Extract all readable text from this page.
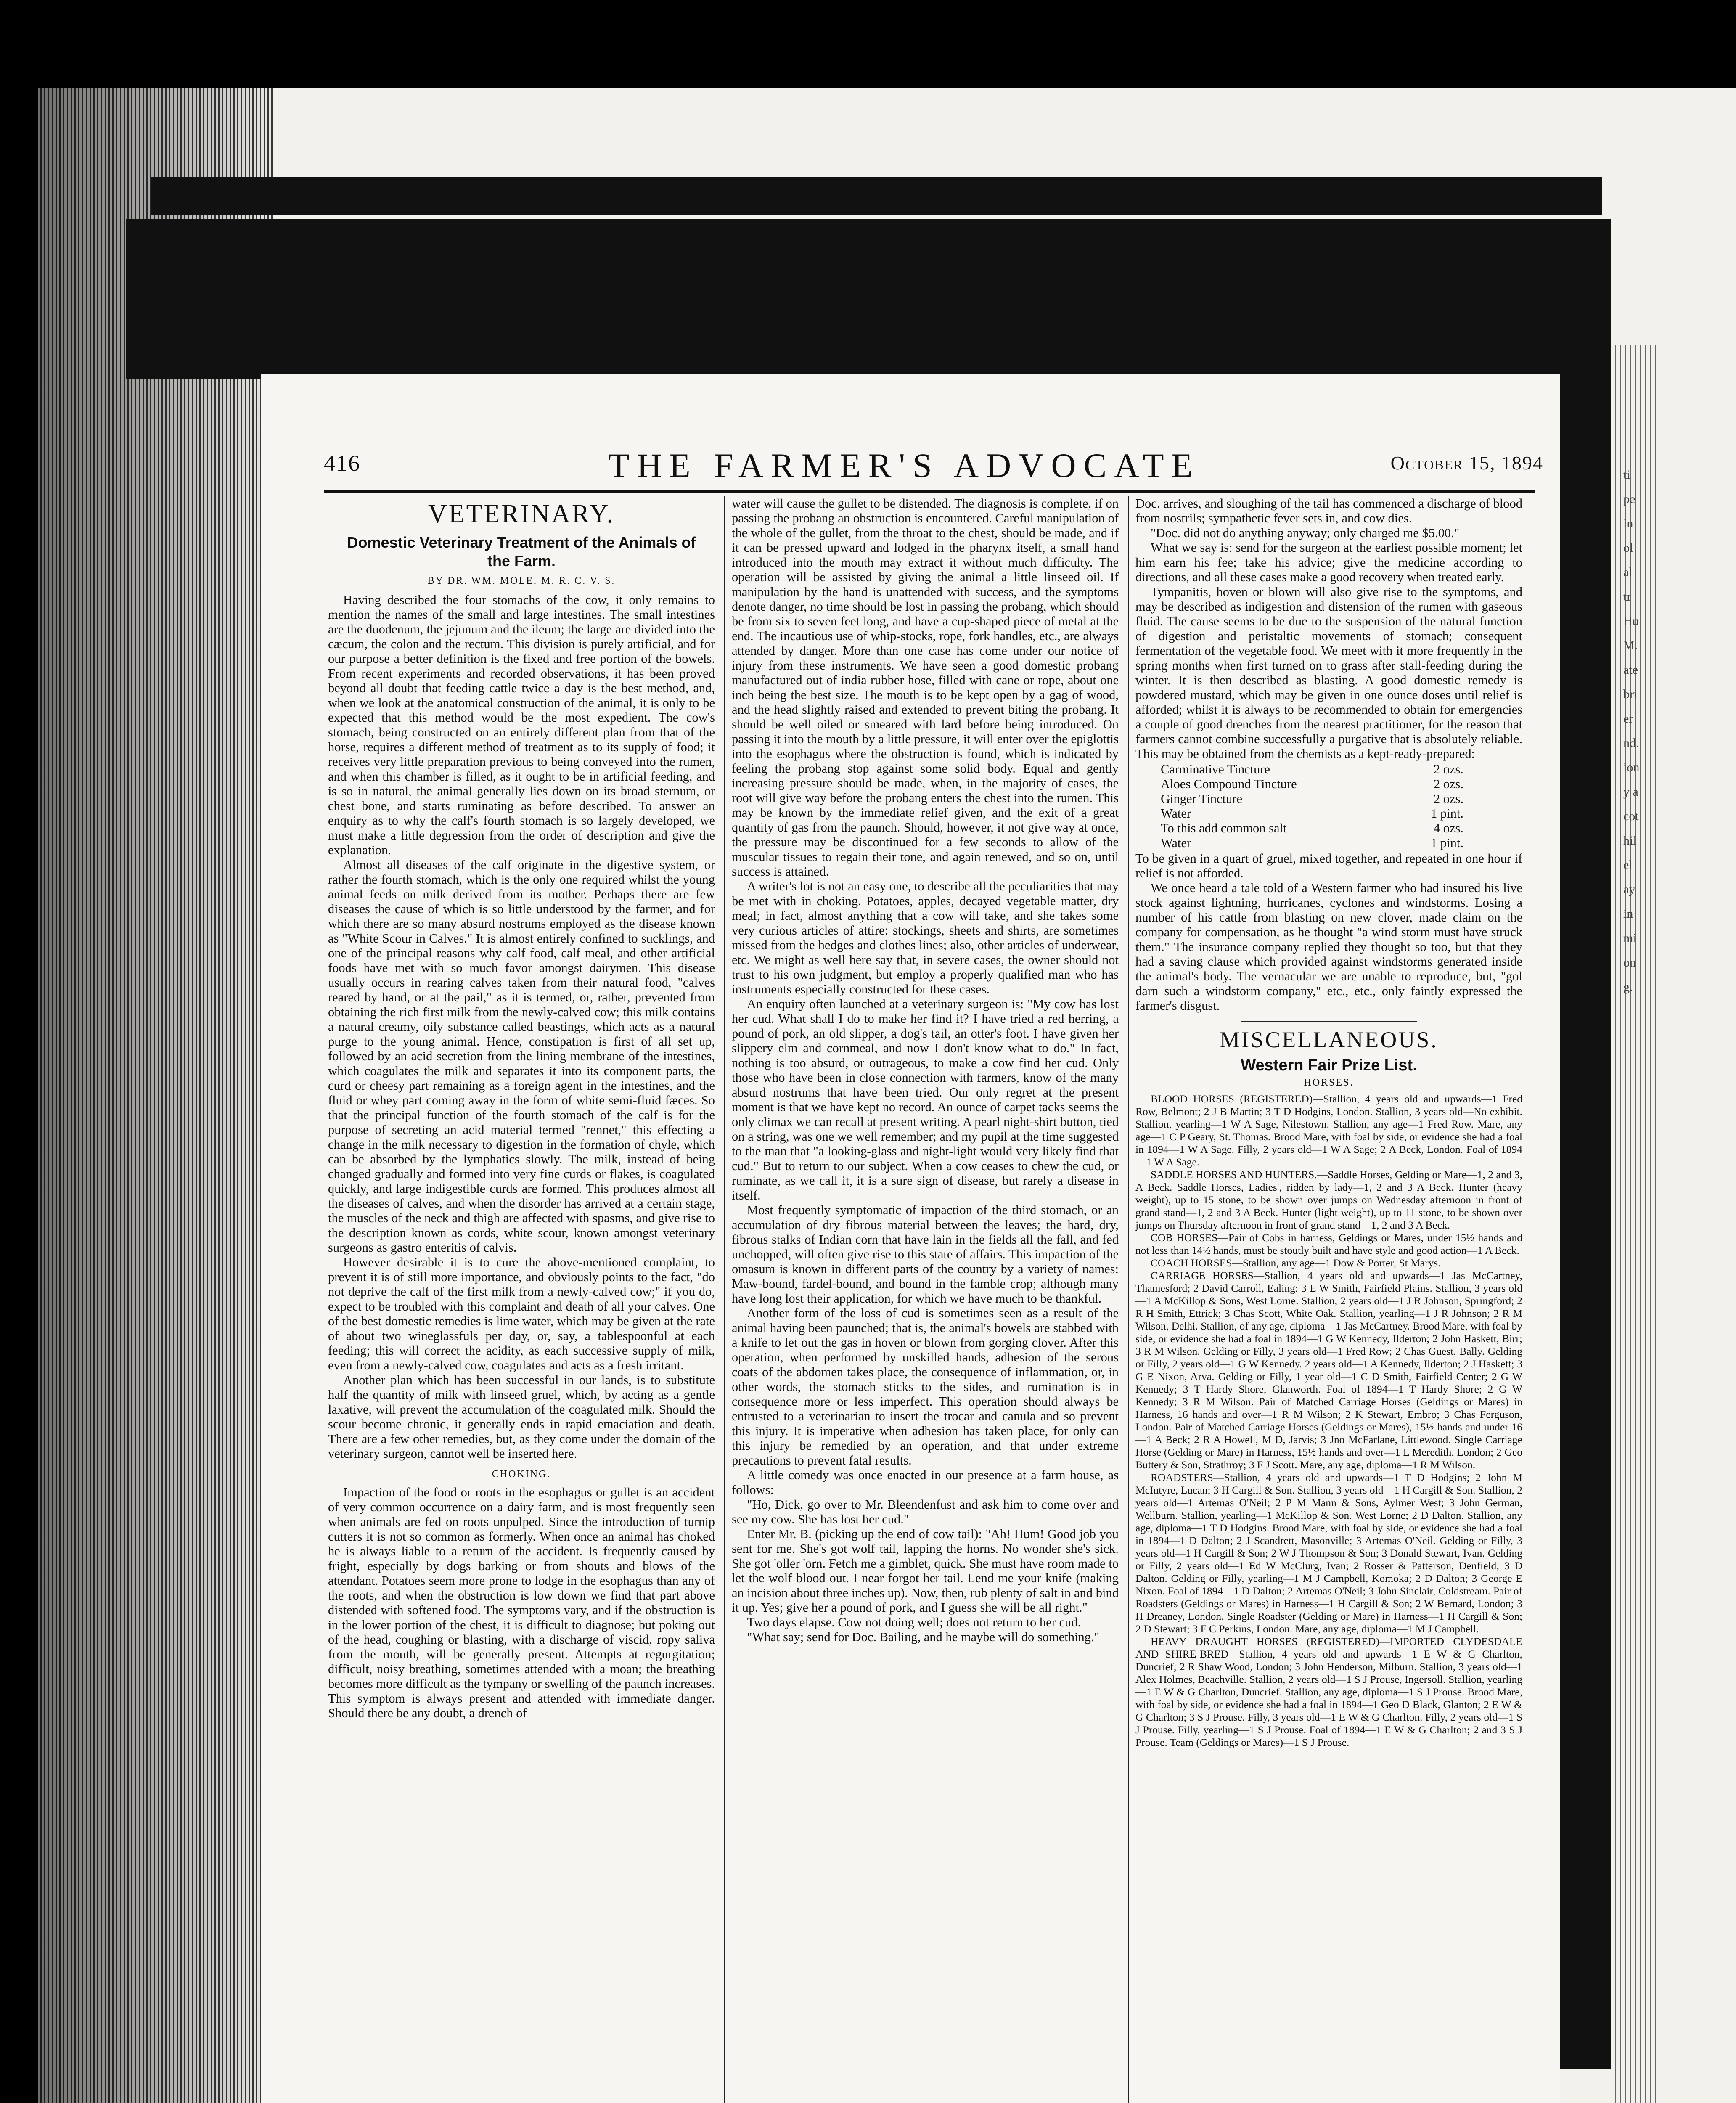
ti
pe
in
ol
al
tr
Hu
M.
ate
bri
er
nd.
ion
y a
cot
hil
el
ay
in
mi
on
g.
416	THE FARMER'S ADVOCATE	October 15, 1894
VETERINARY.
Domestic Veterinary Treatment of the Animals of the Farm.
BY DR. WM. MOLE, M. R. C. V. S.

Having described the four stomachs of the cow, it only remains to mention the names of the small and large intestines. The small intestines are the duodenum, the jejunum and the ileum; the large are divided into the cæcum, the colon and the rectum. This division is purely artificial, and for our purpose a better definition is the fixed and free portion of the bowels. From recent experiments and recorded observations, it has been proved beyond all doubt that feeding cattle twice a day is the best method, and, when we look at the anatomical construction of the animal, it is only to be expected that this method would be the most expedient. The cow's stomach, being constructed on an entirely different plan from that of the horse, requires a different method of treatment as to its supply of food; it receives very little preparation previous to being conveyed into the rumen, and when this chamber is filled, as it ought to be in artificial feeding, and is so in natural, the animal generally lies down on its broad sternum, or chest bone, and starts ruminating as before described. To answer an enquiry as to why the calf's fourth stomach is so largely developed, we must make a little degression from the order of description and give the explanation.

Almost all diseases of the calf originate in the digestive system, or rather the fourth stomach, which is the only one required whilst the young animal feeds on milk derived from its mother. Perhaps there are few diseases the cause of which is so little understood by the farmer, and for which there are so many absurd nostrums employed as the disease known as "White Scour in Calves." It is almost entirely confined to sucklings, and one of the principal reasons why calf food, calf meal, and other artificial foods have met with so much favor amongst dairymen. This disease usually occurs in rearing calves taken from their natural food, "calves reared by hand, or at the pail," as it is termed, or, rather, prevented from obtaining the rich first milk from the newly-calved cow; this milk contains a natural creamy, oily substance called beastings, which acts as a natural purge to the young animal. Hence, constipation is first of all set up, followed by an acid secretion from the lining membrane of the intestines, which coagulates the milk and separates it into its component parts, the curd or cheesy part remaining as a foreign agent in the intestines, and the fluid or whey part coming away in the form of white semi-fluid fæces. So that the principal function of the fourth stomach of the calf is for the purpose of secreting an acid material termed "rennet," this effecting a change in the milk necessary to digestion in the formation of chyle, which can be absorbed by the lymphatics slowly. The milk, instead of being changed gradually and formed into very fine curds or flakes, is coagulated quickly, and large indigestible curds are formed. This produces almost all the diseases of calves, and when the disorder has arrived at a certain stage, the muscles of the neck and thigh are affected with spasms, and give rise to the description known as cords, white scour, known amongst veterinary surgeons as gastro enteritis of calvis.

However desirable it is to cure the above-mentioned complaint, to prevent it is of still more importance, and obviously points to the fact, "do not deprive the calf of the first milk from a newly-calved cow;" if you do, expect to be troubled with this complaint and death of all your calves. One of the best domestic remedies is lime water, which may be given at the rate of about two wineglassfuls per day, or, say, a tablespoonful at each feeding; this will correct the acidity, as each successive supply of milk, even from a newly-calved cow, coagulates and acts as a fresh irritant.

Another plan which has been successful in our lands, is to substitute half the quantity of milk with linseed gruel, which, by acting as a gentle laxative, will prevent the accumulation of the coagulated milk. Should the scour become chronic, it generally ends in rapid emaciation and death. There are a few other remedies, but, as they come under the domain of the veterinary surgeon, cannot well be inserted here.

CHOKING.

Impaction of the food or roots in the esophagus or gullet is an accident of very common occurrence on a dairy farm, and is most frequently seen when animals are fed on roots unpulped. Since the introduction of turnip cutters it is not so common as formerly. When once an animal has choked he is always liable to a return of the accident. Is frequently caused by fright, especially by dogs barking or from shouts and blows of the attendant. Potatoes seem more prone to lodge in the esophagus than any of the roots, and when the obstruction is low down we find that part above distended with softened food. The symptoms vary, and if the obstruction is in the lower portion of the chest, it is difficult to diagnose; but poking out of the head, coughing or blasting, with a discharge of viscid, ropy saliva from the mouth, will be generally present. Attempts at regurgitation; difficult, noisy breathing, sometimes attended with a moan; the breathing becomes more difficult as the tympany or swelling of the paunch increases. This symptom is always present and attended with immediate danger. Should there be any doubt, a drench of

water will cause the gullet to be distended. The diagnosis is complete, if on passing the probang an obstruction is encountered. Careful manipulation of the whole of the gullet, from the throat to the chest, should be made, and if it can be pressed upward and lodged in the pharynx itself, a small hand introduced into the mouth may extract it without much difficulty. The operation will be assisted by giving the animal a little linseed oil. If manipulation by the hand is unattended with success, and the symptoms denote danger, no time should be lost in passing the probang, which should be from six to seven feet long, and have a cup-shaped piece of metal at the end. The incautious use of whip-stocks, rope, fork handles, etc., are always attended by danger. More than one case has come under our notice of injury from these instruments. We have seen a good domestic probang manufactured out of india rubber hose, filled with cane or rope, about one inch being the best size. The mouth is to be kept open by a gag of wood, and the head slightly raised and extended to prevent biting the probang. It should be well oiled or smeared with lard before being introduced. On passing it into the mouth by a little pressure, it will enter over the epiglottis into the esophagus where the obstruction is found, which is indicated by feeling the probang stop against some solid body. Equal and gently increasing pressure should be made, when, in the majority of cases, the root will give way before the probang enters the chest into the rumen. This may be known by the immediate relief given, and the exit of a great quantity of gas from the paunch. Should, however, it not give way at once, the pressure may be discontinued for a few seconds to allow of the muscular tissues to regain their tone, and again renewed, and so on, until success is attained.

A writer's lot is not an easy one, to describe all the peculiarities that may be met with in choking. Potatoes, apples, decayed vegetable matter, dry meal; in fact, almost anything that a cow will take, and she takes some very curious articles of attire: stockings, sheets and shirts, are sometimes missed from the hedges and clothes lines; also, other articles of underwear, etc. We might as well here say that, in severe cases, the owner should not trust to his own judgment, but employ a properly qualified man who has instruments especially constructed for these cases.

An enquiry often launched at a veterinary surgeon is: "My cow has lost her cud. What shall I do to make her find it? I have tried a red herring, a pound of pork, an old slipper, a dog's tail, an otter's foot. I have given her slippery elm and cornmeal, and now I don't know what to do." In fact, nothing is too absurd, or outrageous, to make a cow find her cud. Only those who have been in close connection with farmers, know of the many absurd nostrums that have been tried. Our only regret at the present moment is that we have kept no record. An ounce of carpet tacks seems the only climax we can recall at present writing. A pearl night-shirt button, tied on a string, was one we well remember; and my pupil at the time suggested to the man that "a looking-glass and night-light would very likely find that cud." But to return to our subject. When a cow ceases to chew the cud, or ruminate, as we call it, it is a sure sign of disease, but rarely a disease in itself.

Most frequently symptomatic of impaction of the third stomach, or an accumulation of dry fibrous material between the leaves; the hard, dry, fibrous stalks of Indian corn that have lain in the fields all the fall, and fed unchopped, will often give rise to this state of affairs. This impaction of the omasum is known in different parts of the country by a variety of names: Maw-bound, fardel-bound, and bound in the famble crop; although many have long lost their application, for which we have much to be thankful.

Another form of the loss of cud is sometimes seen as a result of the animal having been paunched; that is, the animal's bowels are stabbed with a knife to let out the gas in hoven or blown from gorging clover. After this operation, when performed by unskilled hands, adhesion of the serous coats of the abdomen takes place, the consequence of inflammation, or, in other words, the stomach sticks to the sides, and rumination is in consequence more or less imperfect. This operation should always be entrusted to a veterinarian to insert the trocar and canula and so prevent this injury. It is imperative when adhesion has taken place, for only can this injury be remedied by an operation, and that under extreme precautions to prevent fatal results.

A little comedy was once enacted in our presence at a farm house, as follows:

"Ho, Dick, go over to Mr. Bleendenfust and ask him to come over and see my cow. She has lost her cud."

Enter Mr. B. (picking up the end of cow tail): "Ah! Hum! Good job you sent for me. She's got wolf tail, lapping the horns. No wonder she's sick. She got 'oller 'orn. Fetch me a gimblet, quick. She must have room made to let the wolf blood out. I near forgot her tail. Lend me your knife (making an incision about three inches up). Now, then, rub plenty of salt in and bind it up. Yes; give her a pound of pork, and I guess she will be all right."

Two days elapse. Cow not doing well; does not return to her cud.

"What say; send for Doc. Bailing, and he maybe will do something."

Doc. arrives, and sloughing of the tail has commenced a discharge of blood from nostrils; sympathetic fever sets in, and cow dies.

"Doc. did not do anything anyway; only charged me $5.00."

What we say is: send for the surgeon at the earliest possible moment; let him earn his fee; take his advice; give the medicine according to directions, and all these cases make a good recovery when treated early.

Tympanitis, hoven or blown will also give rise to the symptoms, and may be described as indigestion and distension of the rumen with gaseous fluid. The cause seems to be due to the suspension of the natural function of digestion and peristaltic movements of stomach; consequent fermentation of the vegetable food. We meet with it more frequently in the spring months when first turned on to grass after stall-feeding during the winter. It is then described as blasting. A good domestic remedy is powdered mustard, which may be given in one ounce doses until relief is afforded; whilst it is always to be recommended to obtain for emergencies a couple of good drenches from the nearest practitioner, for the reason that farmers cannot combine successfully a purgative that is absolutely reliable. This may be obtained from the chemists as a kept-ready-prepared:

Carminative Tincture	2 ozs.
Aloes Compound Tincture	2 ozs.
Ginger Tincture	2 ozs.
Water	1 pint.
To this add common salt	4 ozs.
Water	1 pint.

To be given in a quart of gruel, mixed together, and repeated in one hour if relief is not afforded.

We once heard a tale told of a Western farmer who had insured his live stock against lightning, hurricanes, cyclones and windstorms. Losing a number of his cattle from blasting on new clover, made claim on the company for compensation, as he thought "a wind storm must have struck them." The insurance company replied they thought so too, but that they had a saving clause which provided against windstorms generated inside the animal's body. The vernacular we are unable to reproduce, but, "gol darn such a windstorm company," etc., etc., only faintly expressed the farmer's disgust.

MISCELLANEOUS.
Western Fair Prize List.
HORSES.

BLOOD HORSES (REGISTERED)—Stallion, 4 years old and upwards—1 Fred Row, Belmont; 2 J B Martin; 3 T D Hodgins, London. Stallion, 3 years old—No exhibit. Stallion, yearling—1 W A Sage, Nilestown. Stallion, any age—1 Fred Row. Mare, any age—1 C P Geary, St. Thomas. Brood Mare, with foal by side, or evidence she had a foal in 1894—1 W A Sage. Filly, 2 years old—1 W A Sage; 2 A Beck, London. Foal of 1894—1 W A Sage.

SADDLE HORSES AND HUNTERS.—Saddle Horses, Gelding or Mare—1, 2 and 3, A Beck. Saddle Horses, Ladies', ridden by lady—1, 2 and 3 A Beck. Hunter (heavy weight), up to 15 stone, to be shown over jumps on Wednesday afternoon in front of grand stand—1, 2 and 3 A Beck. Hunter (light weight), up to 11 stone, to be shown over jumps on Thursday afternoon in front of grand stand—1, 2 and 3 A Beck.

COB HORSES—Pair of Cobs in harness, Geldings or Mares, under 15½ hands and not less than 14½ hands, must be stoutly built and have style and good action—1 A Beck.

COACH HORSES—Stallion, any age—1 Dow & Porter, St Marys.

CARRIAGE HORSES—Stallion, 4 years old and upwards—1 Jas McCartney, Thamesford; 2 David Carroll, Ealing; 3 E W Smith, Fairfield Plains. Stallion, 3 years old—1 A McKillop & Sons, West Lorne. Stallion, 2 years old—1 J R Johnson, Springford; 2 R H Smith, Ettrick; 3 Chas Scott, White Oak. Stallion, yearling—1 J R Johnson; 2 R M Wilson, Delhi. Stallion, of any age, diploma—1 Jas McCartney. Brood Mare, with foal by side, or evidence she had a foal in 1894—1 G W Kennedy, Ilderton; 2 John Haskett, Birr; 3 R M Wilson. Gelding or Filly, 3 years old—1 Fred Row; 2 Chas Guest, Bally. Gelding or Filly, 2 years old—1 G W Kennedy. 2 years old—1 A Kennedy, Ilderton; 2 J Haskett; 3 G E Nixon, Arva. Gelding or Filly, 1 year old—1 C D Smith, Fairfield Center; 2 G W Kennedy; 3 T Hardy Shore, Glanworth. Foal of 1894—1 T Hardy Shore; 2 G W Kennedy; 3 R M Wilson. Pair of Matched Carriage Horses (Geldings or Mares) in Harness, 16 hands and over—1 R M Wilson; 2 K Stewart, Embro; 3 Chas Ferguson, London. Pair of Matched Carriage Horses (Geldings or Mares), 15½ hands and under 16—1 A Beck; 2 R A Howell, M D, Jarvis; 3 Jno McFarlane, Littlewood. Single Carriage Horse (Gelding or Mare) in Harness, 15½ hands and over—1 L Meredith, London; 2 Geo Buttery & Son, Strathroy; 3 F J Scott. Mare, any age, diploma—1 R M Wilson.

ROADSTERS—Stallion, 4 years old and upwards—1 T D Hodgins; 2 John M McIntyre, Lucan; 3 H Cargill & Son. Stallion, 3 years old—1 H Cargill & Son. Stallion, 2 years old—1 Artemas O'Neil; 2 P M Mann & Sons, Aylmer West; 3 John German, Wellburn. Stallion, yearling—1 McKillop & Son. West Lorne; 2 D Dalton. Stallion, any age, diploma—1 T D Hodgins. Brood Mare, with foal by side, or evidence she had a foal in 1894—1 D Dalton; 2 J Scandrett, Masonville; 3 Artemas O'Neil. Gelding or Filly, 3 years old—1 H Cargill & Son; 2 W J Thompson & Son; 3 Donald Stewart, Ivan. Gelding or Filly, 2 years old—1 Ed W McClurg, Ivan; 2 Rosser & Patterson, Denfield; 3 D Dalton. Gelding or Filly, yearling—1 M J Campbell, Komoka; 2 D Dalton; 3 George E Nixon. Foal of 1894—1 D Dalton; 2 Artemas O'Neil; 3 John Sinclair, Coldstream. Pair of Roadsters (Geldings or Mares) in Harness—1 H Cargill & Son; 2 W Bernard, London; 3 H Dreaney, London. Single Roadster (Gelding or Mare) in Harness—1 H Cargill & Son; 2 D Stewart; 3 F C Perkins, London. Mare, any age, diploma—1 M J Campbell.

HEAVY DRAUGHT HORSES (REGISTERED)—IMPORTED CLYDESDALE AND SHIRE-BRED—Stallion, 4 years old and upwards—1 E W & G Charlton, Duncrief; 2 R Shaw Wood, London; 3 John Henderson, Milburn. Stallion, 3 years old—1 Alex Holmes, Beachville. Stallion, 2 years old—1 S J Prouse, Ingersoll. Stallion, yearling—1 E W & G Charlton, Duncrief. Stallion, any age, diploma—1 S J Prouse. Brood Mare, with foal by side, or evidence she had a foal in 1894—1 Geo D Black, Glanton; 2 E W & G Charlton; 3 S J Prouse. Filly, 3 years old—1 E W & G Charlton. Filly, 2 years old—1 S J Prouse. Filly, yearling—1 S J Prouse. Foal of 1894—1 E W & G Charlton; 2 and 3 S J Prouse. Team (Geldings or Mares)—1 S J Prouse.
